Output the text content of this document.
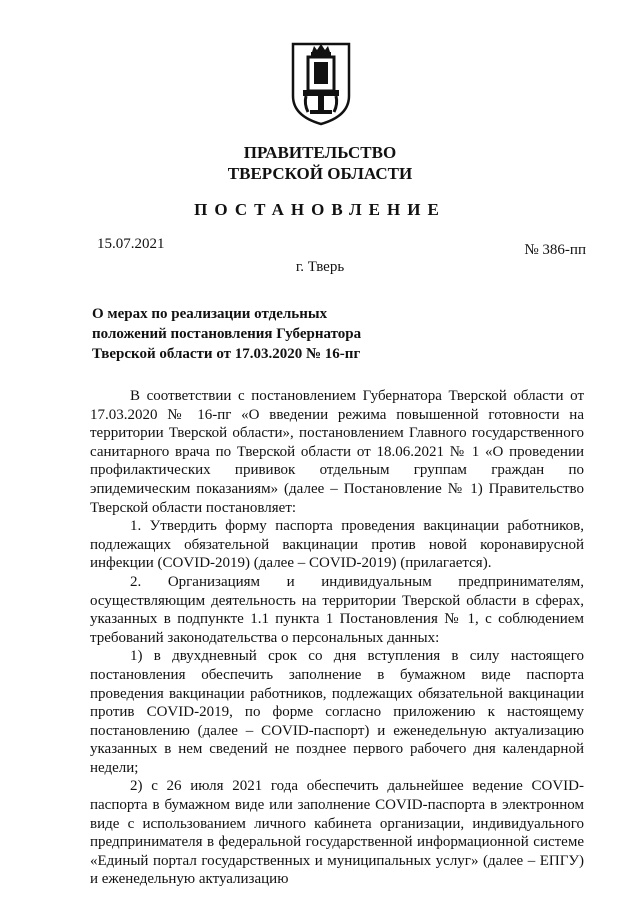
ПРАВИТЕЛЬСТВО
ТВЕРСКОЙ ОБЛАСТИ
ПОСТАНОВЛЕНИЕ
15.07.2021	№ 386-пп
г. Тверь
О мерах по реализации отдельных положений постановления Губернатора Тверской области от 17.03.2020 № 16-пг

В соответствии с постановлением Губернатора Тверской области от 17.03.2020 № 16-пг «О введении режима повышенной готовности на территории Тверской области», постановлением Главного государственного санитарного врача по Тверской области от 18.06.2021 № 1 «О проведении профилактических прививок отдельным группам граждан по эпидемическим показаниям» (далее – Постановление № 1) Правительство Тверской области постановляет:

1. Утвердить форму паспорта проведения вакцинации работников, подлежащих обязательной вакцинации против новой коронавирусной инфекции (COVID-2019) (далее – COVID-2019) (прилагается).

2. Организациям и индивидуальным предпринимателям, осуществляющим деятельность на территории Тверской области в сферах, указанных в подпункте 1.1 пункта 1 Постановления № 1, с соблюдением требований законодательства о персональных данных:

1) в двухдневный срок со дня вступления в силу настоящего постановления обеспечить заполнение в бумажном виде паспорта проведения вакцинации работников, подлежащих обязательной вакцинации против COVID-2019, по форме согласно приложению к настоящему постановлению (далее – COVID-паспорт) и еженедельную актуализацию указанных в нем сведений не позднее первого рабочего дня календарной недели;

2) с 26 июля 2021 года обеспечить дальнейшее ведение COVID-паспорта в бумажном виде или заполнение COVID-паспорта в электронном виде с использованием личного кабинета организации, индивидуального предпринимателя в федеральной государственной информационной системе «Единый портал государственных и муниципальных услуг» (далее – ЕПГУ) и еженедельную актуализацию
